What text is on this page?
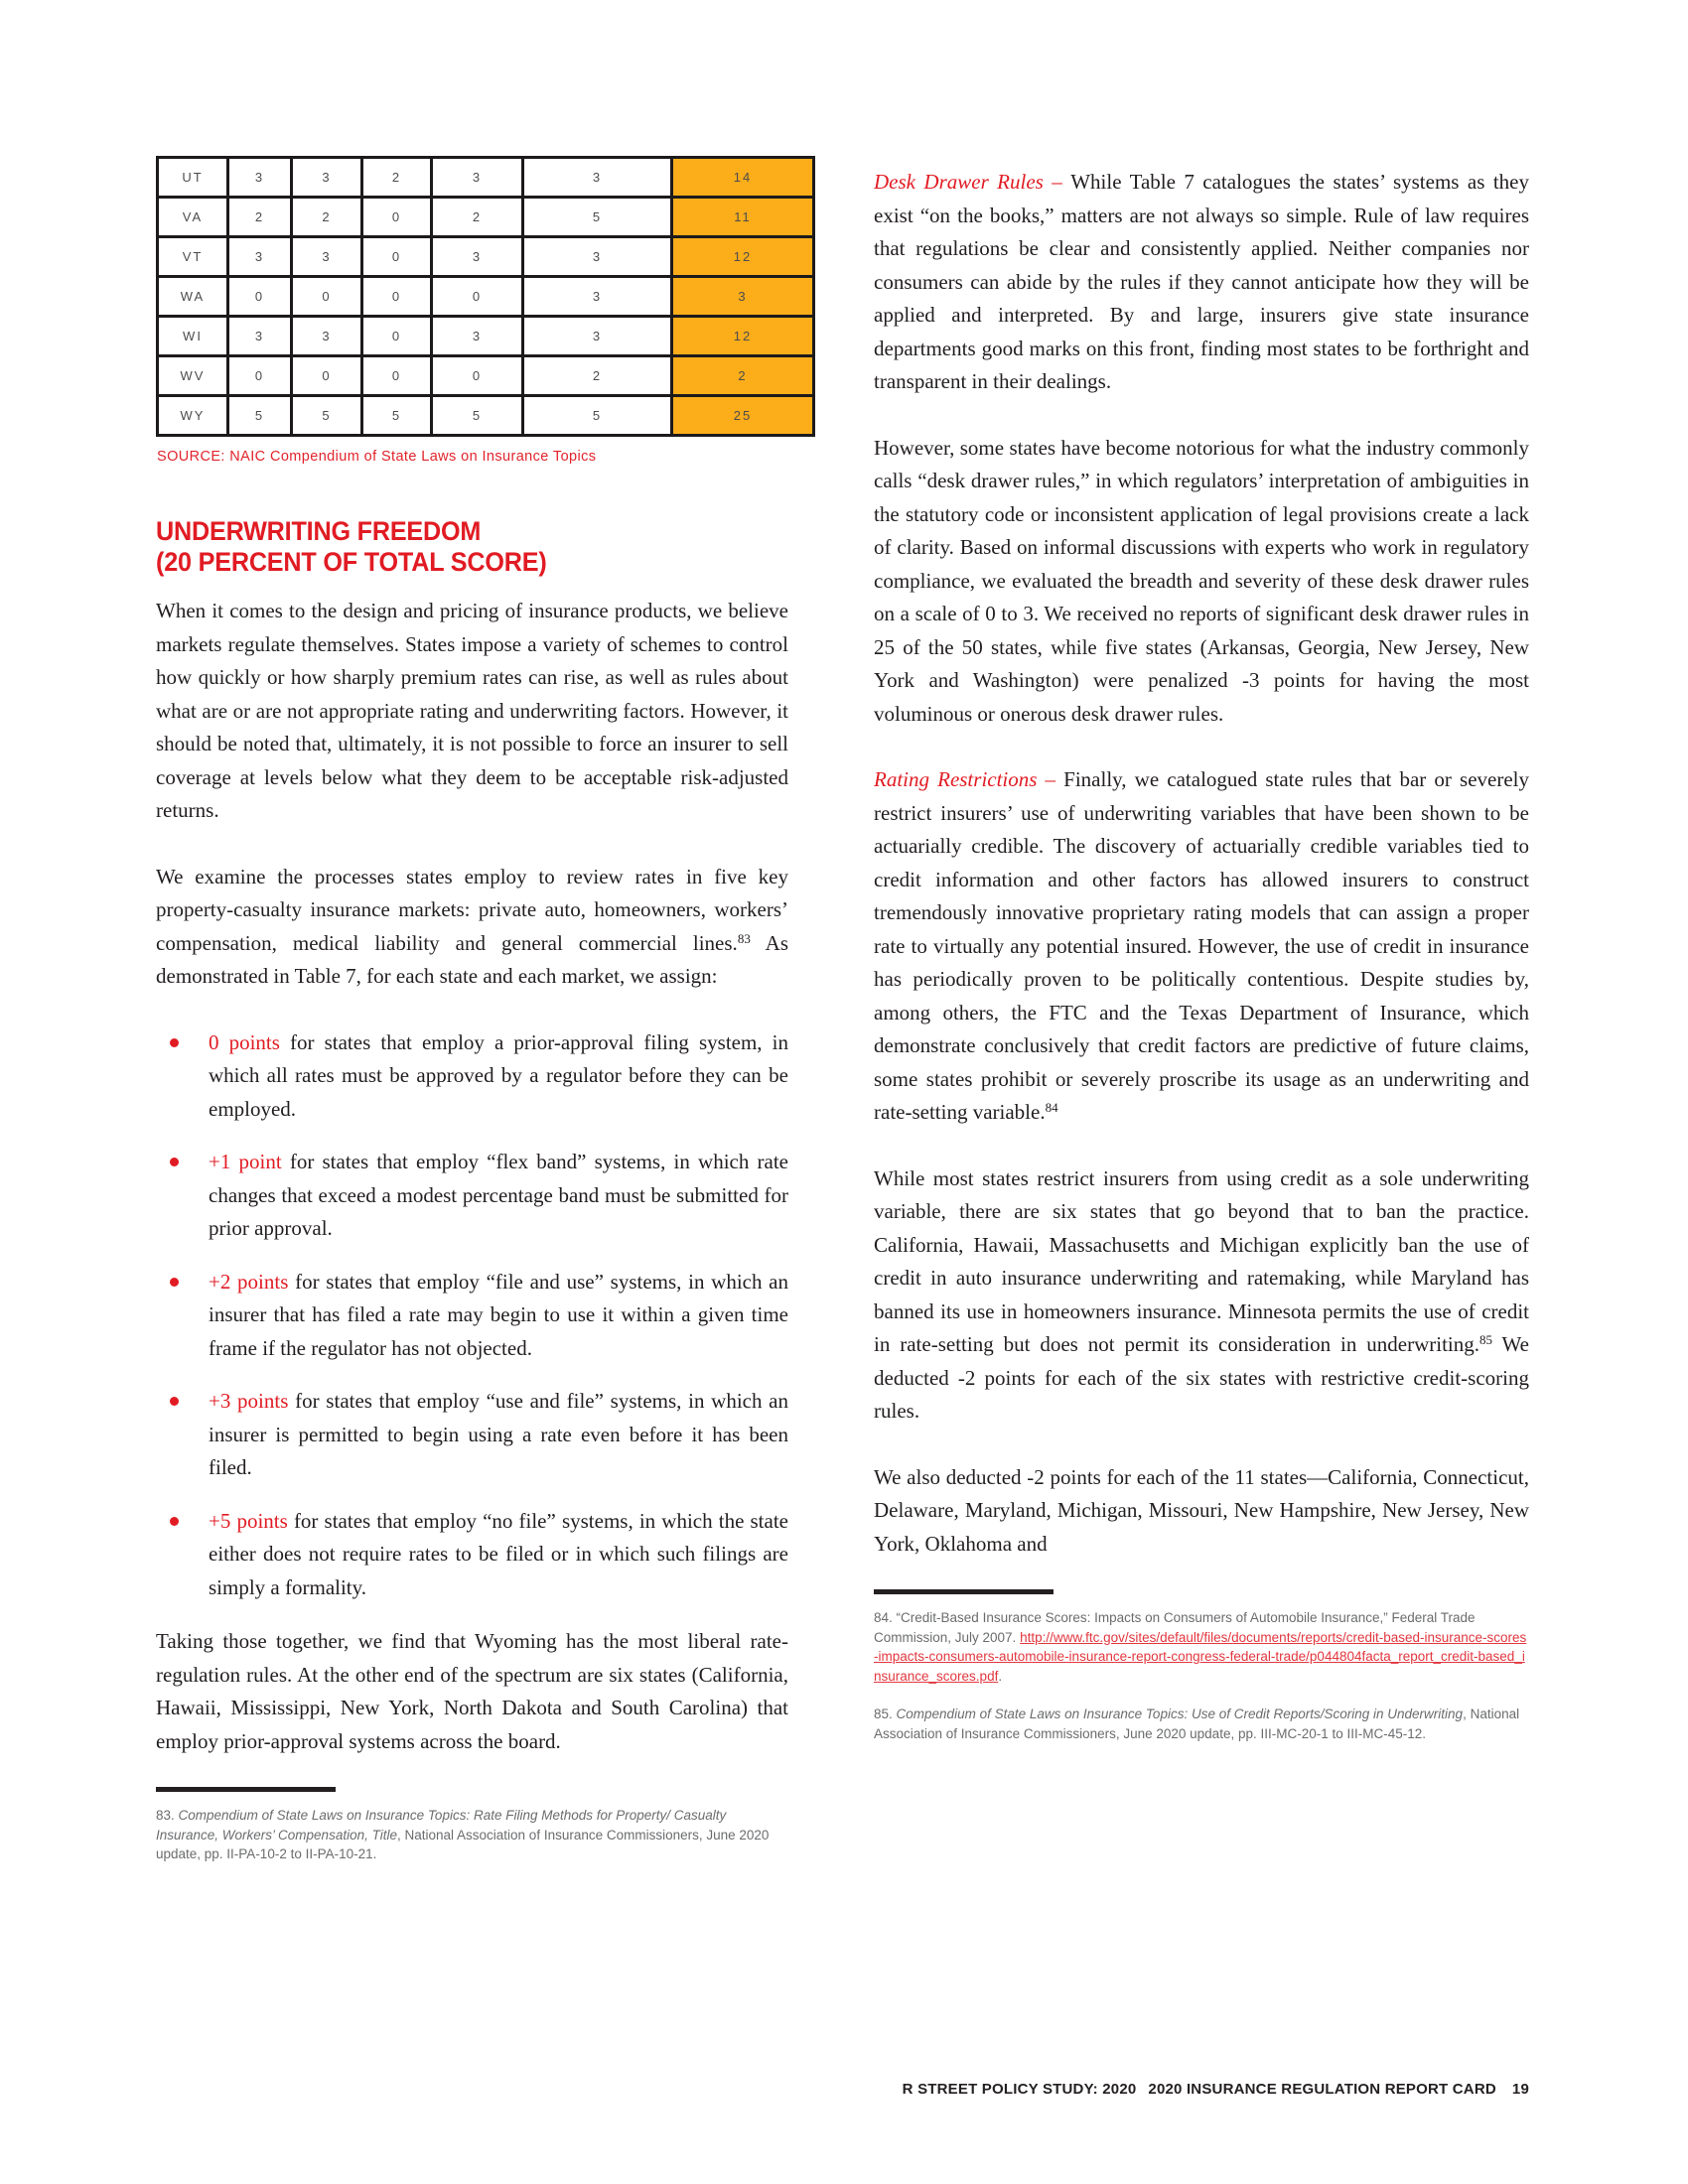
UT	3	3	2	3	3	14
VA	2	2	0	2	5	11
VT	3	3	0	3	3	12
WA	0	0	0	0	3	3
WI	3	3	0	3	3	12
WV	0	0	0	0	2	2
WY	5	5	5	5	5	25
SOURCE: NAIC Compendium of State Laws on Insurance Topics
UNDERWRITING FREEDOM
(20 PERCENT OF TOTAL SCORE)

When it comes to the design and pricing of insurance products, we believe markets regulate themselves. States impose a variety of schemes to control how quickly or how sharply premium rates can rise, as well as rules about what are or are not appropriate rating and underwriting factors. However, it should be noted that, ultimately, it is not possible to force an insurer to sell coverage at levels below what they deem to be acceptable risk-adjusted returns.

We examine the processes states employ to review rates in five key property-casualty insurance markets: private auto, homeowners, workers’ compensation, medical liability and general commercial lines.$^{83}$ As demonstrated in Table 7, for each state and each market, we assign:

0 points for states that employ a prior-approval filing system, in which all rates must be approved by a regulator before they can be employed.
+1 point for states that employ “flex band” systems, in which rate changes that exceed a modest percentage band must be submitted for prior approval.
+2 points for states that employ “file and use” systems, in which an insurer that has filed a rate may begin to use it within a given time frame if the regulator has not objected.
+3 points for states that employ “use and file” systems, in which an insurer is permitted to begin using a rate even before it has been filed.
+5 points for states that employ “no file” systems, in which the state either does not require rates to be filed or in which such filings are simply a formality.

Taking those together, we find that Wyoming has the most liberal rate-regulation rules. At the other end of the spectrum are six states (California, Hawaii, Mississippi, New York, North Dakota and South Carolina) that employ prior-approval systems across the board.

83. Compendium of State Laws on Insurance Topics: Rate Filing Methods for Property/ Casualty Insurance, Workers’ Compensation, Title, National Association of Insurance Commissioners, June 2020 update, pp. II-PA-10-2 to II-PA-10-21.

Desk Drawer Rules – While Table 7 catalogues the states’ systems as they exist “on the books,” matters are not always so simple. Rule of law requires that regulations be clear and consistently applied. Neither companies nor consumers can abide by the rules if they cannot anticipate how they will be applied and interpreted. By and large, insurers give state insurance departments good marks on this front, finding most states to be forthright and transparent in their dealings.

However, some states have become notorious for what the industry commonly calls “desk drawer rules,” in which regulators’ interpretation of ambiguities in the statutory code or inconsistent application of legal provisions create a lack of clarity. Based on informal discussions with experts who work in regulatory compliance, we evaluated the breadth and severity of these desk drawer rules on a scale of 0 to 3. We received no reports of significant desk drawer rules in 25 of the 50 states, while five states (Arkansas, Georgia, New Jersey, New York and Washington) were penalized -3 points for having the most voluminous or onerous desk drawer rules.

Rating Restrictions – Finally, we catalogued state rules that bar or severely restrict insurers’ use of underwriting variables that have been shown to be actuarially credible. The discovery of actuarially credible variables tied to credit information and other factors has allowed insurers to construct tremendously innovative proprietary rating models that can assign a proper rate to virtually any potential insured. However, the use of credit in insurance has periodically proven to be politically contentious. Despite studies by, among others, the FTC and the Texas Department of Insurance, which demonstrate conclusively that credit factors are predictive of future claims, some states prohibit or severely proscribe its usage as an underwriting and rate-setting variable.$^{84}$

While most states restrict insurers from using credit as a sole underwriting variable, there are six states that go beyond that to ban the practice. California, Hawaii, Massachusetts and Michigan explicitly ban the use of credit in auto insurance underwriting and ratemaking, while Maryland has banned its use in homeowners insurance. Minnesota permits the use of credit in rate-setting but does not permit its consideration in underwriting.$^{85}$ We deducted -2 points for each of the six states with restrictive credit-scoring rules.

We also deducted -2 points for each of the 11 states—California, Connecticut, Delaware, Maryland, Michigan, Missouri, New Hampshire, New Jersey, New York, Oklahoma and

84. “Credit-Based Insurance Scores: Impacts on Consumers of Automobile Insurance,” Federal Trade Commission, July 2007. http://www.ftc.gov/sites/default/files/documents/reports/credit-based-insurance-scores-impacts-consumers-automobile-insurance-report-congress-federal-trade/p044804facta_report_credit-based_insurance_scores.pdf.

85. Compendium of State Laws on Insurance Topics: Use of Credit Reports/Scoring in Underwriting, National Association of Insurance Commissioners, June 2020 update, pp. III-MC-20-1 to III-MC-45-12.

R STREET POLICY STUDY: 2020 2020 INSURANCE REGULATION REPORT CARD 19
